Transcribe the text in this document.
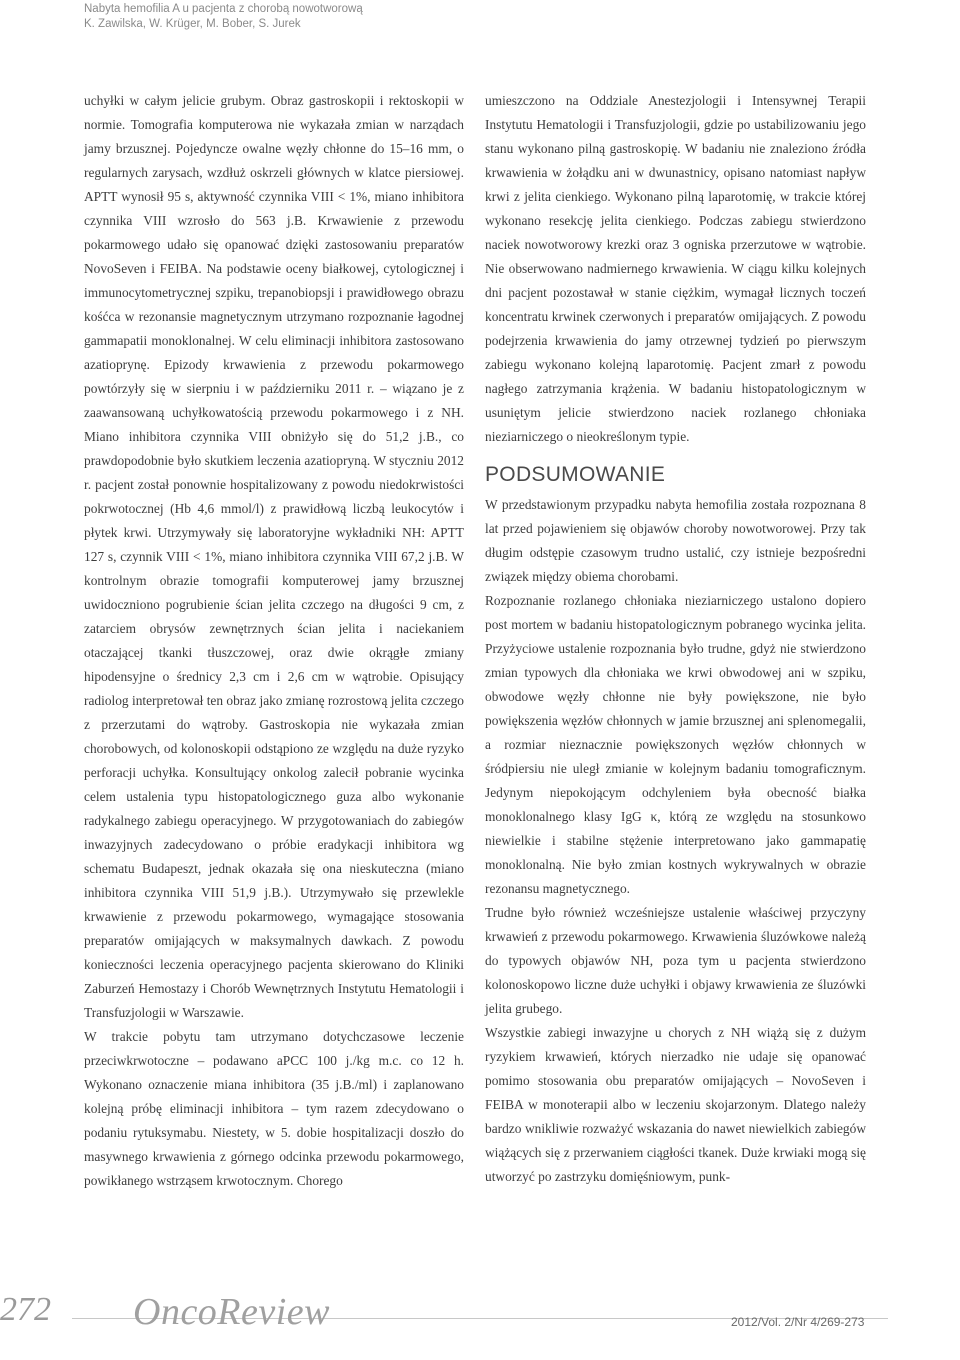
Nabyta hemofilia A u pacjenta z chorobą nowotworową
K. Zawilska, W. Krüger, M. Bober, S. Jurek

uchyłki w całym jelicie grubym. Obraz gastroskopii i rektoskopii w normie. Tomografia komputerowa nie wykazała zmian w narządach jamy brzusznej. Pojedyncze owalne węzły chłonne do 15–16 mm, o regularnych zarysach, wzdłuż oskrzeli głównych w klatce piersiowej. APTT wynosił 95 s, aktywność czynnika VIII < 1%, miano inhibitora czynnika VIII wzrosło do 563 j.B. Krwawienie z przewodu pokarmowego udało się opanować dzięki zastosowaniu preparatów NovoSeven i FEIBA. Na podstawie oceny białkowej, cytologicznej i immunocytometrycznej szpiku, trepanobiopsji i prawidłowego obrazu kośćca w rezonansie magnetycznym utrzymano rozpoznanie łagodnej gammapatii monoklonalnej. W celu eliminacji inhibitora zastosowano azatioprynę. Epizody krwawienia z przewodu pokarmowego powtórzyły się w sierpniu i w październiku 2011 r. – wiązano je z zaawansowaną uchyłkowatością przewodu pokarmowego i z NH. Miano inhibitora czynnika VIII obniżyło się do 51,2 j.B., co prawdopodobnie było skutkiem leczenia azatiopryną. W styczniu 2012 r. pacjent został ponownie hospitalizowany z powodu niedokrwistości pokrwotocznej (Hb 4,6 mmol/l) z prawidłową liczbą leukocytów i płytek krwi. Utrzymywały się laboratoryjne wykładniki NH: APTT 127 s, czynnik VIII < 1%, miano inhibitora czynnika VIII 67,2 j.B. W kontrolnym obrazie tomografii komputerowej jamy brzusznej uwidoczniono pogrubienie ścian jelita czczego na długości 9 cm, z zatarciem obrysów zewnętrznych ścian jelita i naciekaniem otaczającej tkanki tłuszczowej, oraz dwie okrągłe zmiany hipodensyjne o średnicy 2,3 cm i 2,6 cm w wątrobie. Opisujący radiolog interpretował ten obraz jako zmianę rozrostową jelita czczego z przerzutami do wątroby. Gastroskopia nie wykazała zmian chorobowych, od kolonoskopii odstąpiono ze względu na duże ryzyko perforacji uchyłka. Konsultujący onkolog zalecił pobranie wycinka celem ustalenia typu histopatologicznego guza albo wykonanie radykalnego zabiegu operacyjnego. W przygotowaniach do zabiegów inwazyjnych zadecydowano o próbie eradykacji inhibitora wg schematu Budapeszt, jednak okazała się ona nieskuteczna (miano inhibitora czynnika VIII 51,9 j.B.). Utrzymywało się przewlekle krwawienie z przewodu pokarmowego, wymagające stosowania preparatów omijających w maksymalnych dawkach. Z powodu konieczności leczenia operacyjnego pacjenta skierowano do Kliniki Zaburzeń Hemostazy i Chorób Wewnętrznych Instytutu Hematologii i Transfuzjologii w Warszawie.

W trakcie pobytu tam utrzymano dotychczasowe leczenie przeciwkrwotoczne – podawano aPCC 100 j./kg m.c. co 12 h. Wykonano oznaczenie miana inhibitora (35 j.B./ml) i zaplanowano kolejną próbę eliminacji inhibitora – tym razem zdecydowano o podaniu rytuksymabu. Niestety, w 5. dobie hospitalizacji doszło do masywnego krwawienia z górnego odcinka przewodu pokarmowego, powikłanego wstrząsem krwotocznym. Chorego

umieszczono na Oddziale Anestezjologii i Intensywnej Terapii Instytutu Hematologii i Transfuzjologii, gdzie po ustabilizowaniu jego stanu wykonano pilną gastroskopię. W badaniu nie znaleziono źródła krwawienia w żołądku ani w dwunastnicy, opisano natomiast napływ krwi z jelita cienkiego. Wykonano pilną laparotomię, w trakcie której wykonano resekcję jelita cienkiego. Podczas zabiegu stwierdzono naciek nowotworowy krezki oraz 3 ogniska przerzutowe w wątrobie. Nie obserwowano nadmiernego krwawienia. W ciągu kilku kolejnych dni pacjent pozostawał w stanie ciężkim, wymagał licznych toczeń koncentratu krwinek czerwonych i preparatów omijających. Z powodu podejrzenia krwawienia do jamy otrzewnej tydzień po pierwszym zabiegu wykonano kolejną laparotomię. Pacjent zmarł z powodu nagłego zatrzymania krążenia. W badaniu histopatologicznym w usuniętym jelicie stwierdzono naciek rozlanego chłoniaka nieziarniczego o nieokreślonym typie.

PODSUMOWANIE

W przedstawionym przypadku nabyta hemofilia została rozpoznana 8 lat przed pojawieniem się objawów choroby nowotworowej. Przy tak długim odstępie czasowym trudno ustalić, czy istnieje bezpośredni związek między obiema chorobami.

Rozpoznanie rozlanego chłoniaka nieziarniczego ustalono dopiero post mortem w badaniu histopatologicznym pobranego wycinka jelita. Przyżyciowe ustalenie rozpoznania było trudne, gdyż nie stwierdzono zmian typowych dla chłoniaka we krwi obwodowej ani w szpiku, obwodowe węzły chłonne nie były powiększone, nie było powiększenia węzłów chłonnych w jamie brzusznej ani splenomegalii, a rozmiar nieznacznie powiększonych węzłów chłonnych w śródpiersiu nie uległ zmianie w kolejnym badaniu tomograficznym. Jedynym niepokojącym odchyleniem była obecność białka monoklonalnego klasy IgG κ, którą ze względu na stosunkowo niewielkie i stabilne stężenie interpretowano jako gammapatię monoklonalną. Nie było zmian kostnych wykrywalnych w obrazie rezonansu magnetycznego.

Trudne było również wcześniejsze ustalenie właściwej przyczyny krwawień z przewodu pokarmowego. Krwawienia śluzówkowe należą do typowych objawów NH, poza tym u pacjenta stwierdzono kolonoskopowo liczne duże uchyłki i objawy krwawienia ze śluzówki jelita grubego.

Wszystkie zabiegi inwazyjne u chorych z NH wiążą się z dużym ryzykiem krwawień, których nierzadko nie udaje się opanować pomimo stosowania obu preparatów omijających – NovoSeven i FEIBA w monoterapii albo w leczeniu skojarzonym. Dlatego należy bardzo wnikliwie rozważyć wskazania do nawet niewielkich zabiegów wiążących się z przerwaniem ciągłości tkanek. Duże krwiaki mogą się utworzyć po zastrzyku domięśniowym, punk-

272 OncoReview	2012/Vol. 2/Nr 4/269-273
